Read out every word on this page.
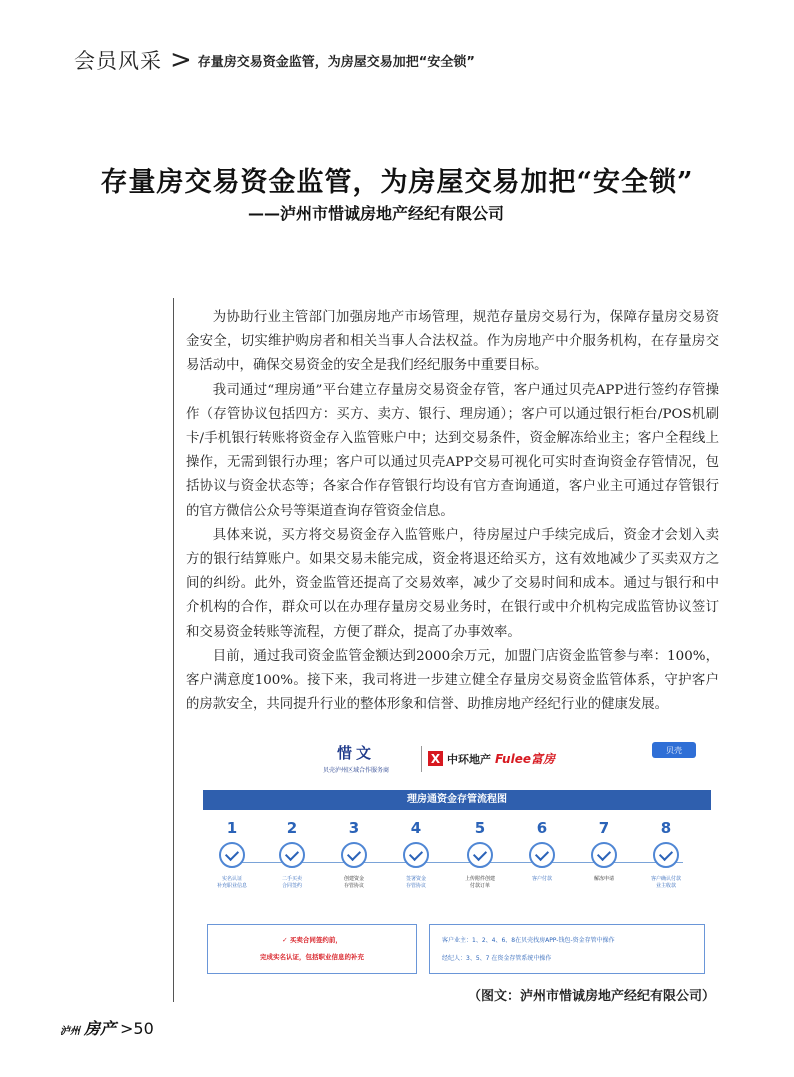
会员风采 > 存量房交易资金监管，为房屋交易加把“安全锁”
存量房交易资金监管，为房屋交易加把“安全锁”
——泸州市惜诚房地产经纪有限公司

为协助行业主管部门加强房地产市场管理，规范存量房交易行为，保障存量房交易资金安全，切实维护购房者和相关当事人合法权益。作为房地产中介服务机构，在存量房交易活动中，确保交易资金的安全是我们经纪服务中重要目标。

我司通过“理房通”平台建立存量房交易资金存管，客户通过贝壳APP进行签约存管操作（存管协议包括四方：买方、卖方、银行、理房通）；客户可以通过银行柜台/POS机刷卡/手机银行转账将资金存入监管账户中；达到交易条件，资金解冻给业主；客户全程线上操作，无需到银行办理；客户可以通过贝壳APP交易可视化可实时查询资金存管情况，包括协议与资金状态等；各家合作存管银行均设有官方查询通道，客户业主可通过存管银行的官方微信公众号等渠道查询存管资金信息。

具体来说，买方将交易资金存入监管账户，待房屋过户手续完成后，资金才会划入卖方的银行结算账户。如果交易未能完成，资金将退还给买方，这有效地减少了买卖双方之间的纠纷。此外，资金监管还提高了交易效率，减少了交易时间和成本。通过与银行和中介机构的合作，群众可以在办理存量房交易业务时，在银行或中介机构完成监管协议签订和交易资金转账等流程，方便了群众，提高了办事效率。

目前，通过我司资金监管金额达到2000余万元，加盟门店资金监管参与率：100%，客户满意度100%。接下来，我司将进一步建立健全存量房交易资金监管体系，守护客户的房款安全，共同提升行业的整体形象和信誉、助推房地产经纪行业的健康发展。

惜文
贝壳泸州区域合作服务商
X 中环地产 Fulee富房
贝壳
理房通资金存管流程图
1
实名认证
补充职业信息
2
二手买卖
合同签约
3
创建资金
存管协议
4
签署资金
存管协议
5
上传附件创建
付款订单
6
客户付款
7
解冻申请
8
客户确认付款
业主收款
✓ 买卖合同签约前，
完成实名认证，包括职业信息的补充
客户业主：1、2、4、6、8在贝壳找房APP-钱包-资金存管中操作
经纪人：3、5、7 在资金存管系统中操作
（图文：泸州市惜诚房地产经纪有限公司）
泸州 房产 >50
